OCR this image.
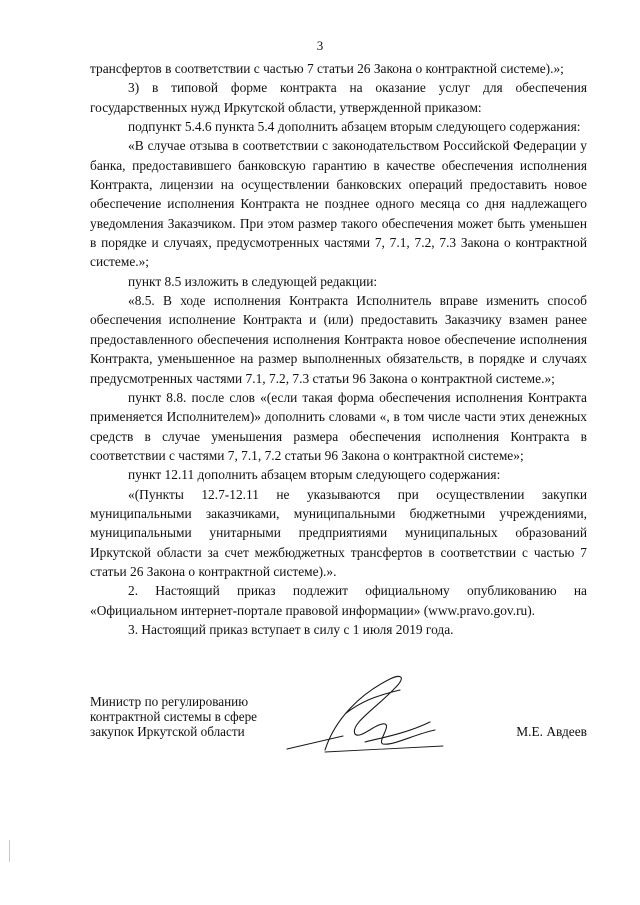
3

трансфертов в соответствии с частью 7 статьи 26 Закона о контрактной системе).»;

3) в типовой форме контракта на оказание услуг для обеспечения государственных нужд Иркутской области, утвержденной приказом:

подпункт 5.4.6 пункта 5.4 дополнить абзацем вторым следующего содержания:

«В случае отзыва в соответствии с законодательством Российской Федерации у банка, предоставившего банковскую гарантию в качестве обеспечения исполнения Контракта, лицензии на осуществлении банковских операций предоставить новое обеспечение исполнения Контракта не позднее одного месяца со дня надлежащего уведомления Заказчиком. При этом размер такого обеспечения может быть уменьшен в порядке и случаях, предусмотренных частями 7, 7.1, 7.2, 7.3 Закона о контрактной системе.»;

пункт 8.5 изложить в следующей редакции:

«8.5. В ходе исполнения Контракта Исполнитель вправе изменить способ обеспечения исполнение Контракта и (или) предоставить Заказчику взамен ранее предоставленного обеспечения исполнения Контракта новое обеспечение исполнения Контракта, уменьшенное на размер выполненных обязательств, в порядке и случаях предусмотренных частями 7.1, 7.2, 7.3 статьи 96 Закона о контрактной системе.»;

пункт 8.8. после слов «(если такая форма обеспечения исполнения Контракта применяется Исполнителем)» дополнить словами «, в том числе части этих денежных средств в случае уменьшения размера обеспечения исполнения Контракта в соответствии с частями 7, 7.1, 7.2 статьи 96 Закона о контрактной системе»;

пункт 12.11 дополнить абзацем вторым следующего содержания:

«(Пункты 12.7-12.11 не указываются при осуществлении закупки муниципальными заказчиками, муниципальными бюджетными учреждениями, муниципальными унитарными предприятиями муниципальных образований Иркутской области за счет межбюджетных трансфертов в соответствии с частью 7 статьи 26 Закона о контрактной системе).».

2. Настоящий приказ подлежит официальному опубликованию на «Официальном интернет-портале правовой информации» (www.pravo.gov.ru).

3. Настоящий приказ вступает в силу с 1 июля 2019 года.

Министр по регулированию
контрактной системы в сфере
закупок Иркутской области	М.Е. Авдеев
